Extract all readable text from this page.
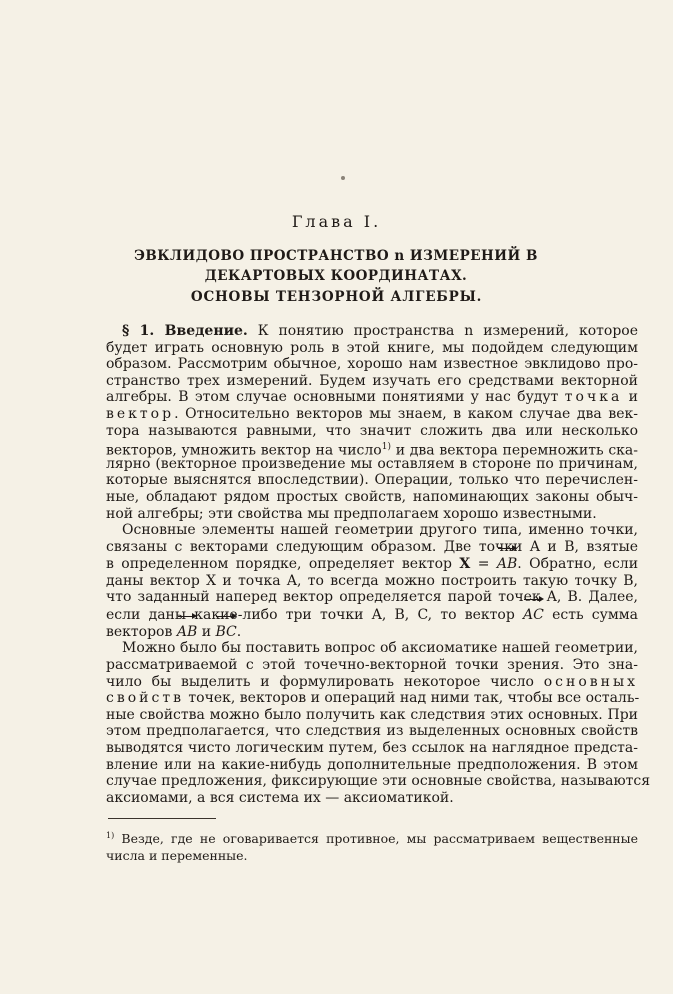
Глава I.
ЭВКЛИДОВО ПРОСТРАНСТВО n ИЗМЕРЕНИЙ В ДЕКАРТОВЫХ КООРДИНАТАХ.
ОСНОВЫ ТЕНЗОРНОЙ АЛГЕБРЫ.
§ 1. Введение. К понятию пространства n измерений, которое
будет играть основную роль в этой книге, мы подойдем следующим
образом. Рассмотрим обычное, хорошо нам известное эвклидово про-
странство трех измерений. Будем изучать его средствами векторной
алгебры. В этом случае основными понятиями у нас будут точка и
вектор. Относительно векторов мы знаем, в каком случае два век-
тора называются равными, что значит сложить два или несколько
векторов, умножить вектор на число$^{1)}$ и два вектора перемножить ска-
лярно (векторное произведение мы оставляем в стороне по причинам,
которые выяснятся впоследствии). Операции, только что перечислен-
ные, обладают рядом простых свойств, напоминающих законы обыч-
ной алгебры; эти свойства мы предполагаем хорошо известными.
Основные элементы нашей геометрии другого типа, именно точки,
связаны с векторами следующим образом. Две точки A и B, взятые
в определенном порядке, определяет вектор X = AB. Обратно, если
даны вектор X и точка A, то всегда можно построить такую точку B,
что заданный наперед вектор определяется парой точек A, B. Далее,
если даны какие-либо три точки A, B, C, то вектор AC есть сумма
векторов AB и BC.
Можно было бы поставить вопрос об аксиоматике нашей геометрии,
рассматриваемой с этой точечно-векторной точки зрения. Это зна-
чило бы выделить и формулировать некоторое число основных
свойств точек, векторов и операций над ними так, чтобы все осталь-
ные свойства можно было получить как следствия этих основных. При
этом предполагается, что следствия из выделенных основных свойств
выводятся чисто логическим путем, без ссылок на наглядное предста-
вление или на какие-нибудь дополнительные предположения. В этом
случае предложения, фиксирующие эти основные свойства, называются
аксиомами, а вся система их — аксиоматикой.
$^{1)}$ Везде, где не оговаривается противное, мы рассматриваем вещественные
числа и переменные.
